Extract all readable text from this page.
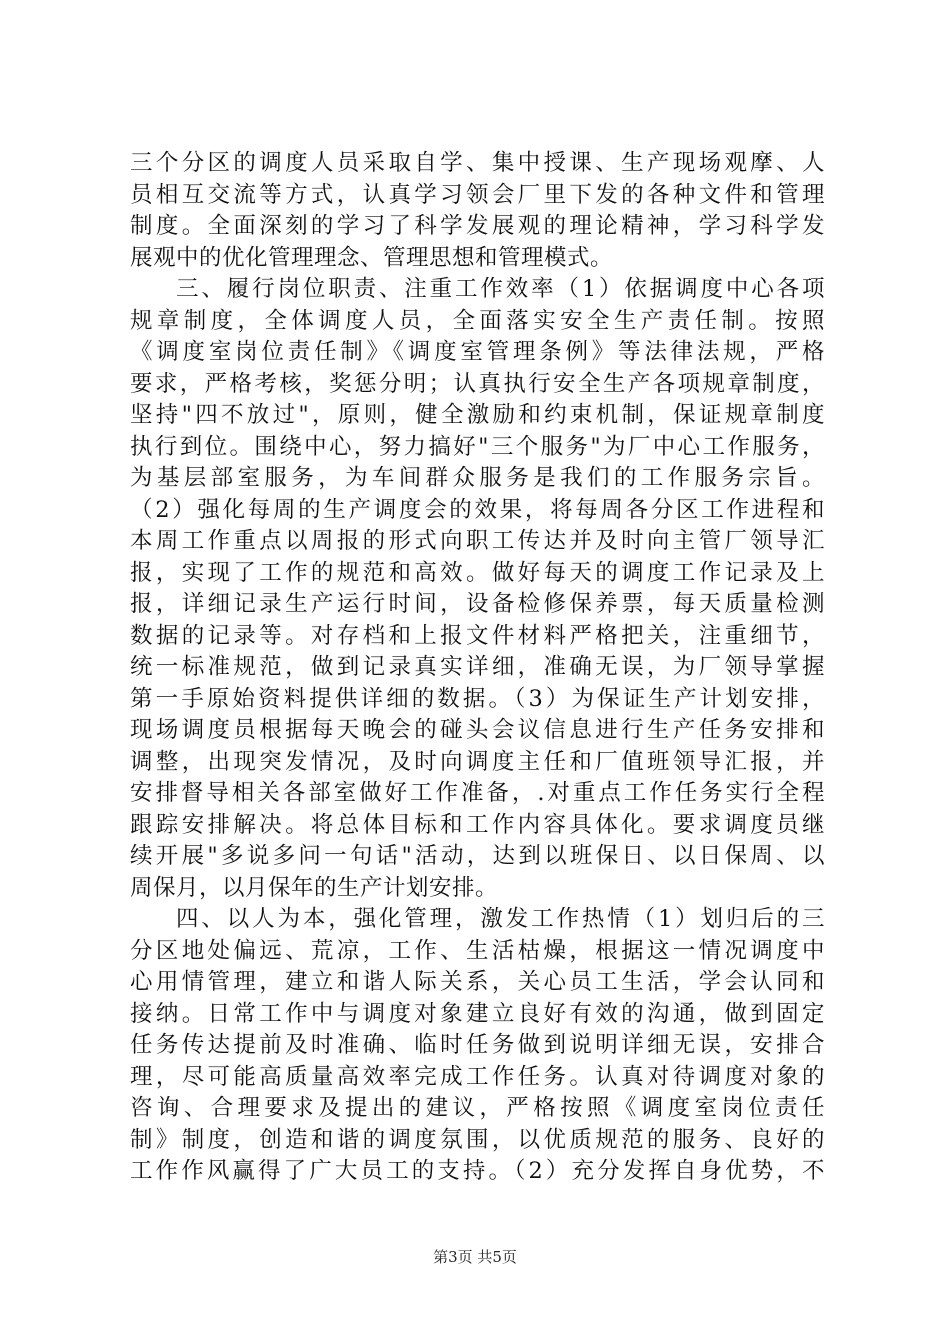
三个分区的调度人员采取自学、集中授课、生产现场观摩、人
员相互交流等方式，认真学习领会厂里下发的各种文件和管理
制度。全面深刻的学习了科学发展观的理论精神，学习科学发
展观中的优化管理理念、管理思想和管理模式。
三、履行岗位职责、注重工作效率（1）依据调度中心各项
规章制度，全体调度人员，全面落实安全生产责任制。按照
《调度室岗位责任制》《调度室管理条例》等法律法规，严格
要求，严格考核，奖惩分明；认真执行安全生产各项规章制度，
坚持"四不放过"，原则，健全激励和约束机制，保证规章制度
执行到位。围绕中心，努力搞好"三个服务"为厂中心工作服务，
为基层部室服务，为车间群众服务是我们的工作服务宗旨。
（2）强化每周的生产调度会的效果，将每周各分区工作进程和
本周工作重点以周报的形式向职工传达并及时向主管厂领导汇
报，实现了工作的规范和高效。做好每天的调度工作记录及上
报，详细记录生产运行时间，设备检修保养票，每天质量检测
数据的记录等。对存档和上报文件材料严格把关，注重细节，
统一标准规范，做到记录真实详细，准确无误，为厂领导掌握
第一手原始资料提供详细的数据。（3）为保证生产计划安排，
现场调度员根据每天晚会的碰头会议信息进行生产任务安排和
调整，出现突发情况，及时向调度主任和厂值班领导汇报，并
安排督导相关各部室做好工作准备，.对重点工作任务实行全程
跟踪安排解决。将总体目标和工作内容具体化。要求调度员继
续开展"多说多问一句话"活动，达到以班保日、以日保周、以
周保月，以月保年的生产计划安排。
四、以人为本，强化管理，激发工作热情（1）划归后的三
分区地处偏远、荒凉，工作、生活枯燥，根据这一情况调度中
心用情管理，建立和谐人际关系，关心员工生活，学会认同和
接纳。日常工作中与调度对象建立良好有效的沟通，做到固定
任务传达提前及时准确、临时任务做到说明详细无误，安排合
理，尽可能高质量高效率完成工作任务。认真对待调度对象的
咨询、合理要求及提出的建议，严格按照《调度室岗位责任
制》制度，创造和谐的调度氛围，以优质规范的服务、良好的
工作作风赢得了广大员工的支持。（2）充分发挥自身优势，不
第3页 共5页
